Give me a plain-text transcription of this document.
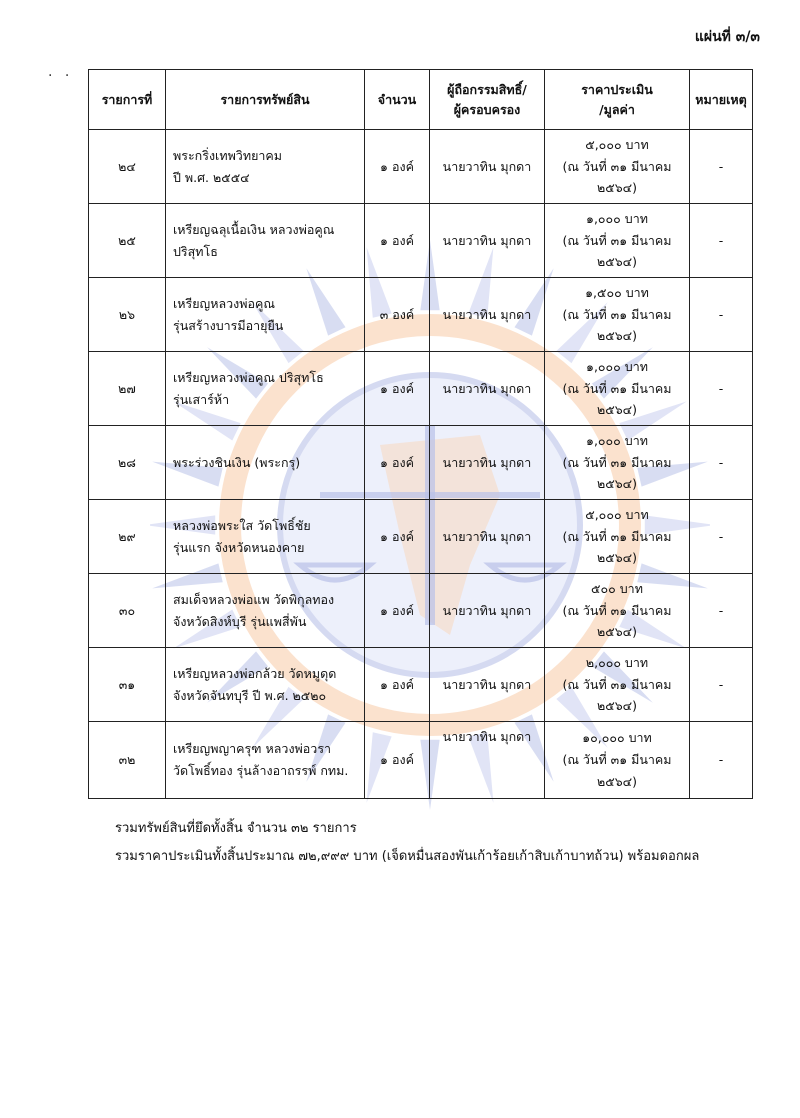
แผ่นที่ ๓/๓
· ·
รายการที่	รายการทรัพย์สิน	จำนวน	ผู้ถือกรรมสิทธิ์/
ผู้ครอบครอง	ราคาประเมิน
/มูลค่า	หมายเหตุ
๒๔	พระกริ่งเทพวิทยาคม
ปี พ.ศ. ๒๕๕๔	๑ องค์	นายวาทิน มุกดา	๕,๐๐๐ บาท
(ณ วันที่ ๓๑ มีนาคม
๒๕๖๔)	-
๒๕	เหรียญฉลุเนื้อเงิน หลวงพ่อคูณ
ปริสุทโธ	๑ องค์	นายวาทิน มุกดา	๑,๐๐๐ บาท
(ณ วันที่ ๓๑ มีนาคม
๒๕๖๔)	-
๒๖	เหรียญหลวงพ่อคูณ
รุ่นสร้างบารมีอายุยืน	๓ องค์	นายวาทิน มุกดา	๑,๕๐๐ บาท
(ณ วันที่ ๓๑ มีนาคม
๒๕๖๔)	-
๒๗	เหรียญหลวงพ่อคูณ ปริสุทโธ
รุ่นเสาร์ห้า	๑ องค์	นายวาทิน มุกดา	๑,๐๐๐ บาท
(ณ วันที่ ๓๑ มีนาคม
๒๕๖๔)	-
๒๘	พระร่วงชินเงิน (พระกรุ)	๑ องค์	นายวาทิน มุกดา	๑,๐๐๐ บาท
(ณ วันที่ ๓๑ มีนาคม
๒๕๖๔)	-
๒๙	หลวงพ่อพระใส วัดโพธิ์ชัย
รุ่นแรก จังหวัดหนองคาย	๑ องค์	นายวาทิน มุกดา	๕,๐๐๐ บาท
(ณ วันที่ ๓๑ มีนาคม
๒๕๖๔)	-
๓๐	สมเด็จหลวงพ่อแพ วัดพิกุลทอง
จังหวัดสิงห์บุรี รุ่นแพสี่พัน	๑ องค์	นายวาทิน มุกดา	๕๐๐ บาท
(ณ วันที่ ๓๑ มีนาคม
๒๕๖๔)	-
๓๑	เหรียญหลวงพ่อกล้วย วัดหมูดุด
จังหวัดจันทบุรี ปี พ.ศ. ๒๕๒๐	๑ องค์	นายวาทิน มุกดา	๒,๐๐๐ บาท
(ณ วันที่ ๓๑ มีนาคม
๒๕๖๔)	-
๓๒	เหรียญพญาครุฑ หลวงพ่อวรา
วัดโพธิ์ทอง รุ่นล้างอาถรรพ์ กทม.	๑ องค์	นายวาทิน มุกดา	๑๐,๐๐๐ บาท
(ณ วันที่ ๓๑ มีนาคม
๒๕๖๔)	-
รวมทรัพย์สินที่ยึดทั้งสิ้น จำนวน ๓๒ รายการ
รวมราคาประเมินทั้งสิ้นประมาณ ๗๒,๙๙๙ บาท (เจ็ดหมื่นสองพันเก้าร้อยเก้าสิบเก้าบาทถ้วน) พร้อมดอกผล
